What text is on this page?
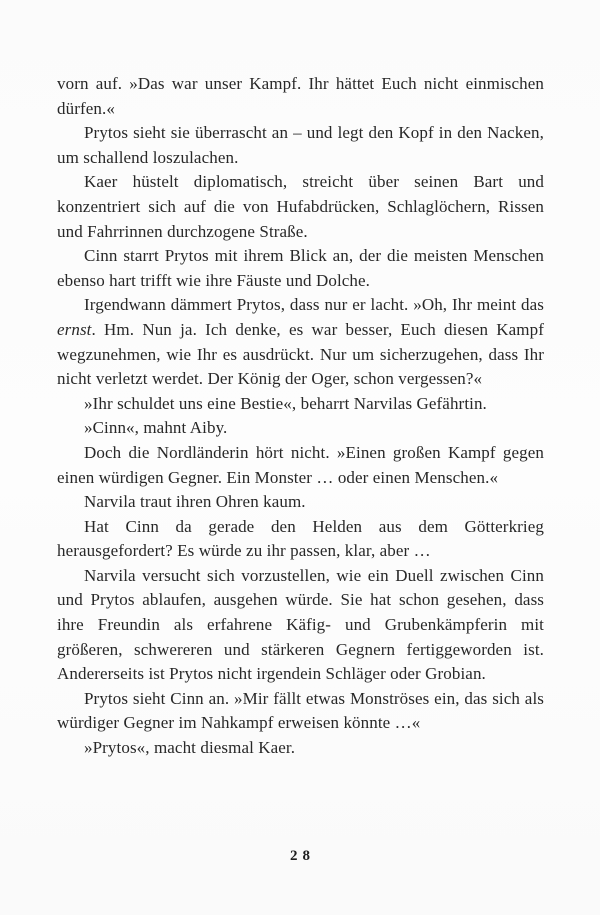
vorn auf. »Das war unser Kampf. Ihr hättet Euch nicht einmischen dürfen.«

Prytos sieht sie überrascht an – und legt den Kopf in den Nacken, um schallend loszulachen.

Kaer hüstelt diplomatisch, streicht über seinen Bart und konzentriert sich auf die von Hufabdrücken, Schlaglöchern, Rissen und Fahrrinnen durchzogene Straße.

Cinn starrt Prytos mit ihrem Blick an, der die meisten Menschen ebenso hart trifft wie ihre Fäuste und Dolche.

Irgendwann dämmert Prytos, dass nur er lacht. »Oh, Ihr meint das ernst. Hm. Nun ja. Ich denke, es war besser, Euch diesen Kampf wegzunehmen, wie Ihr es ausdrückt. Nur um sicherzugehen, dass Ihr nicht verletzt werdet. Der König der Oger, schon vergessen?«

»Ihr schuldet uns eine Bestie«, beharrt Narvilas Gefährtin.

»Cinn«, mahnt Aiby.

Doch die Nordländerin hört nicht. »Einen großen Kampf gegen einen würdigen Gegner. Ein Monster … oder einen Menschen.«

Narvila traut ihren Ohren kaum.

Hat Cinn da gerade den Helden aus dem Götterkrieg herausgefordert? Es würde zu ihr passen, klar, aber …

Narvila versucht sich vorzustellen, wie ein Duell zwischen Cinn und Prytos ablaufen, ausgehen würde. Sie hat schon gesehen, dass ihre Freundin als erfahrene Käfig- und Grubenkämpferin mit größeren, schwereren und stärkeren Gegnern fertiggeworden ist. Andererseits ist Prytos nicht irgendein Schläger oder Grobian.

Prytos sieht Cinn an. »Mir fällt etwas Monströses ein, das sich als würdiger Gegner im Nahkampf erweisen könnte …«

»Prytos«, macht diesmal Kaer.

28
